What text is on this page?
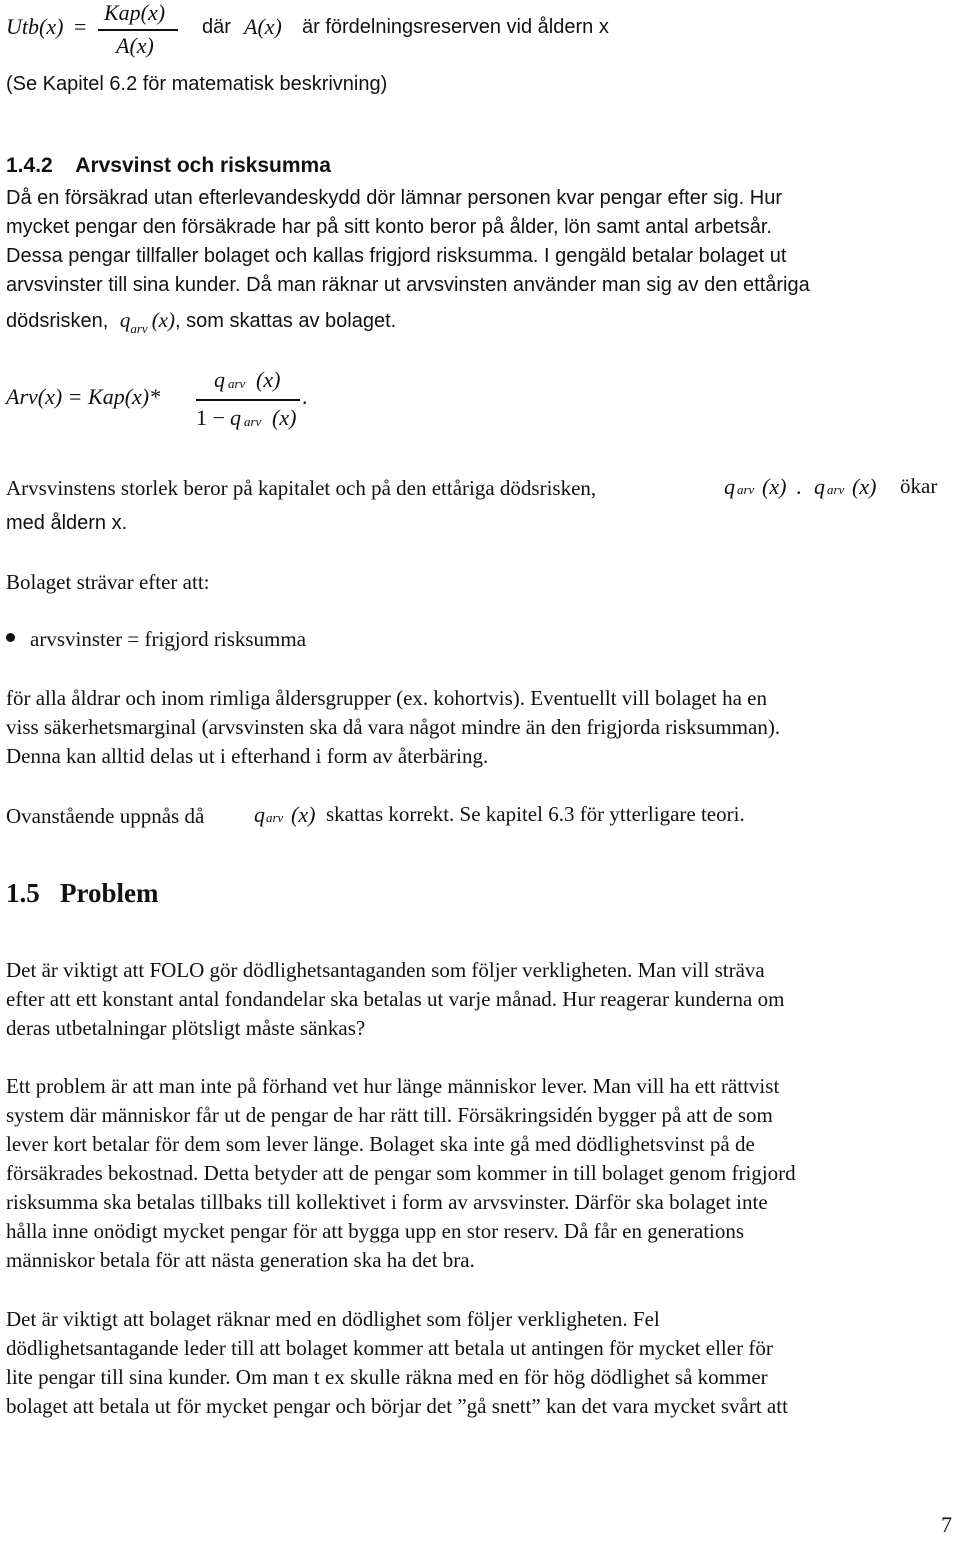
Utb(x) =
Kap(x)
A(x)
där A(x) är fördelningsreserven vid åldern x
(Se Kapitel 6.2 för matematisk beskrivning)
1.4.2 Arvsvinst och risksumma
Då en försäkrad utan efterlevandeskydd dör lämnar personen kvar pengar efter sig. Hur
mycket pengar den försäkrade har på sitt konto beror på ålder, lön samt antal arbetsår.
Dessa pengar tillfaller bolaget och kallas frigjord risksumma. I gengäld betalar bolaget ut
arvsvinster till sina kunder. Då man räknar ut arvsvinsten använder man sig av den ettåriga
dödsrisken, $q_{arv}$ (x), som skattas av bolaget.
Arv(x) = Kap(x)*
q arv (x)
1 − q arv (x)
.
Arvsvinstens storlek beror på kapitalet och på den ettåriga dödsrisken,	q arv (x) . q arv (x) ökar
med åldern x.
Bolaget strävar efter att:
arvsvinster = frigjord risksumma
för alla åldrar och inom rimliga åldersgrupper (ex. kohortvis). Eventuellt vill bolaget ha en
viss säkerhetsmarginal (arvsvinsten ska då vara något mindre än den frigjorda risksumman).
Denna kan alltid delas ut i efterhand i form av återbäring.
Ovanstående uppnås då q arv (x) skattas korrekt. Se kapitel 6.3 för ytterligare teori.
1.5 Problem
Det är viktigt att FOLO gör dödlighetsantaganden som följer verkligheten. Man vill sträva
efter att ett konstant antal fondandelar ska betalas ut varje månad. Hur reagerar kunderna om
deras utbetalningar plötsligt måste sänkas?
Ett problem är att man inte på förhand vet hur länge människor lever. Man vill ha ett rättvist
system där människor får ut de pengar de har rätt till. Försäkringsidén bygger på att de som
lever kort betalar för dem som lever länge. Bolaget ska inte gå med dödlighetsvinst på de
försäkrades bekostnad. Detta betyder att de pengar som kommer in till bolaget genom frigjord
risksumma ska betalas tillbaks till kollektivet i form av arvsvinster. Därför ska bolaget inte
hålla inne onödigt mycket pengar för att bygga upp en stor reserv. Då får en generations
människor betala för att nästa generation ska ha det bra.
Det är viktigt att bolaget räknar med en dödlighet som följer verkligheten. Fel
dödlighetsantagande leder till att bolaget kommer att betala ut antingen för mycket eller för
lite pengar till sina kunder. Om man t ex skulle räkna med en för hög dödlighet så kommer
bolaget att betala ut för mycket pengar och börjar det ”gå snett” kan det vara mycket svårt att
7
